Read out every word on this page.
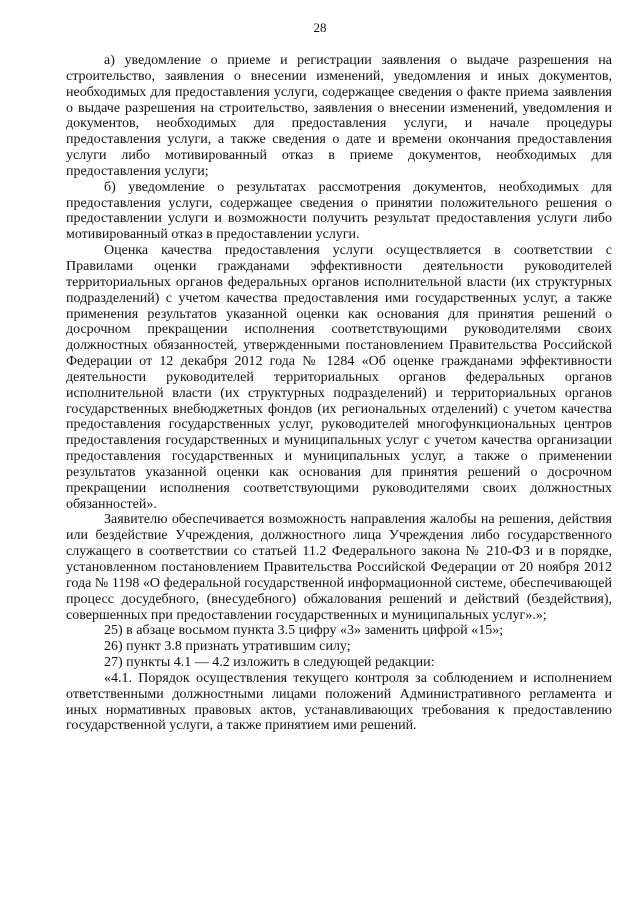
28

а) уведомление о приеме и регистрации заявления о выдаче разрешения на строительство, заявления о внесении изменений, уведомления и иных документов, необходимых для предоставления услуги, содержащее сведения о факте приема заявления о выдаче разрешения на строительство, заявления о внесении изменений, уведомления и документов, необходимых для предоставления услуги, и начале процедуры предоставления услуги, а также сведения о дате и времени окончания предоставления услуги либо мотивированный отказ в приеме документов, необходимых для предоставления услуги;

б) уведомление о результатах рассмотрения документов, необходимых для предоставления услуги, содержащее сведения о принятии положительного решения о предоставлении услуги и возможности получить результат предоставления услуги либо мотивированный отказ в предоставлении услуги.

Оценка качества предоставления услуги осуществляется в соответствии с Правилами оценки гражданами эффективности деятельности руководителей территориальных органов федеральных органов исполнительной власти (их структурных подразделений) с учетом качества предоставления ими государственных услуг, а также применения результатов указанной оценки как основания для принятия решений о досрочном прекращении исполнения соответствующими руководителями своих должностных обязанностей, утвержденными постановлением Правительства Российской Федерации от 12 декабря 2012 года № 1284 «Об оценке гражданами эффективности деятельности руководителей территориальных органов федеральных органов исполнительной власти (их структурных подразделений) и территориальных органов государственных внебюджетных фондов (их региональных отделений) с учетом качества предоставления государственных услуг, руководителей многофункциональных центров предоставления государственных и муниципальных услуг с учетом качества организации предоставления государственных и муниципальных услуг, а также о применении результатов указанной оценки как основания для принятия решений о досрочном прекращении исполнения соответствующими руководителями своих должностных обязанностей».

Заявителю обеспечивается возможность направления жалобы на решения, действия или бездействие Учреждения, должностного лица Учреждения либо государственного служащего в соответствии со статьей 11.2 Федерального закона № 210-ФЗ и в порядке, установленном постановлением Правительства Российской Федерации от 20 ноября 2012 года № 1198 «О федеральной государственной информационной системе, обеспечивающей процесс досудебного, (внесудебного) обжалования решений и действий (бездействия), совершенных при предоставлении государственных и муниципальных услуг».»;

25) в абзаце восьмом пункта 3.5 цифру «3» заменить цифрой «15»;

26) пункт 3.8 признать утратившим силу;

27) пункты 4.1 — 4.2 изложить в следующей редакции:

«4.1. Порядок осуществления текущего контроля за соблюдением и исполнением ответственными должностными лицами положений Административного регламента и иных нормативных правовых актов, устанавливающих требования к предоставлению государственной услуги, а также принятием ими решений.
